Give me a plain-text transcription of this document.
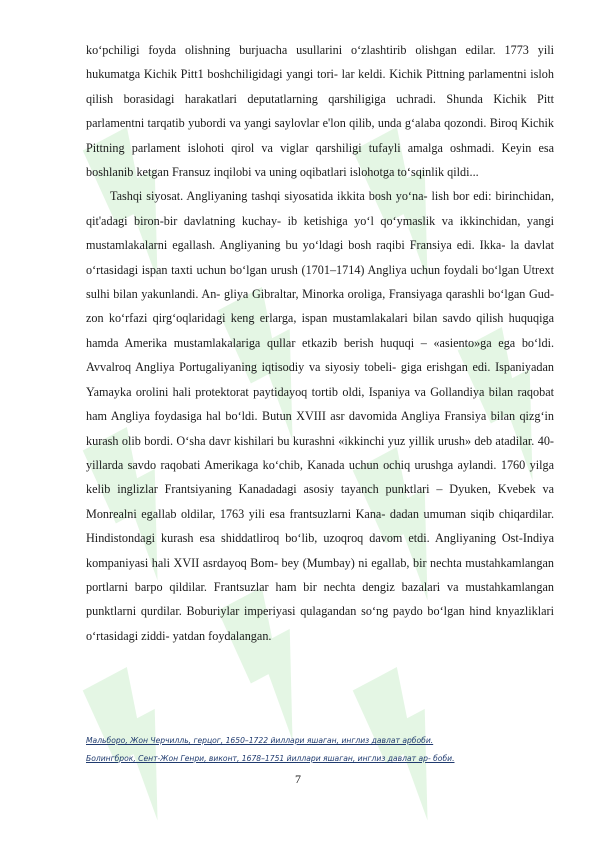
ko‘pchiligi foyda olishning burjuacha usullarini o‘zlashtirib olishgan edilar. 1773 yili hukumatga Kichik Pitt1 boshchiligidagi yangi tori- lar keldi. Kichik Pittning parlamentni isloh qilish borasidagi harakatlari deputatlarning qarshiligiga uchradi. Shunda Kichik Pitt parlamentni tarqatib yubordi va yangi saylovlar e'lon qilib, unda g‘alaba qozondi. Biroq Kichik Pittning parlament islohoti qirol va viglar qarshiligi tufayli amalga oshmadi. Keyin esa boshlanib ketgan Fransuz inqilobi va uning oqibatlari islohotga to‘sqinlik qildi...

Tashqi siyosat. Angliyaning tashqi siyosatida ikkita bosh yo‘na- lish bor edi: birinchidan, qit'adagi biron-bir davlatning kuchay- ib ketishiga yo‘l qo‘ymaslik va ikkinchidan, yangi mustamlakalarni egallash. Angliyaning bu yo‘ldagi bosh raqibi Fransiya edi. Ikka- la davlat o‘rtasidagi ispan taxti uchun bo‘lgan urush (1701–1714) Angliya uchun foydali bo‘lgan Utrext sulhi bilan yakunlandi. An- gliya Gibraltar, Minorka oroliga, Fransiyaga qarashli bo‘lgan Gud- zon ko‘rfazi qirg‘oqlaridagi keng erlarga, ispan mustamlakalari bilan savdo qilish huquqiga hamda Amerika mustamlakalariga qullar etkazib berish huquqi – «asiento»ga ega bo‘ldi. Avvalroq Angliya Portugaliyaning iqtisodiy va siyosiy tobeli- giga erishgan edi. Ispaniyadan Yamayka orolini hali protektorat paytidayoq tortib oldi, Ispaniya va Gollandiya bilan raqobat ham Angliya foydasiga hal bo‘ldi. Butun XVIII asr davomida Angliya Fransiya bilan qizg‘in kurash olib bordi. O‘sha davr kishilari bu kurashni «ikkinchi yuz yillik urush» deb atadilar. 40-yillarda savdo raqobati Amerikaga ko‘chib, Kanada uchun ochiq urushga aylandi. 1760 yilga kelib inglizlar Frantsiyaning Kanadadagi asosiy tayanch punktlari – Dyuken, Kvebek va Monrealni egallab oldilar, 1763 yili esa frantsuzlarni Kana- dadan umuman siqib chiqardilar. Hindistondagi kurash esa shiddatliroq bo‘lib, uzoqroq davom etdi. Angliyaning Ost-Indiya kompaniyasi hali XVII asrdayoq Bom- bey (Mumbay) ni egallab, bir nechta mustahkamlangan portlarni barpo qildilar. Frantsuzlar ham bir nechta dengiz bazalari va mustahkamlangan punktlarni qurdilar. Boburiylar imperiyasi qulagandan so‘ng paydo bo‘lgan hind knyazliklari o‘rtasidagi ziddi- yatdan foydalangan.

Мальборо, Жон Черчилль, герцог, 1650–1722 йиллари яшаган, инглиз давлат арбоби.
Болингброк, Сент-Жон Генри, виконт, 1678–1751 йиллари яшаган, инглиз давлат ар- боби.
7
